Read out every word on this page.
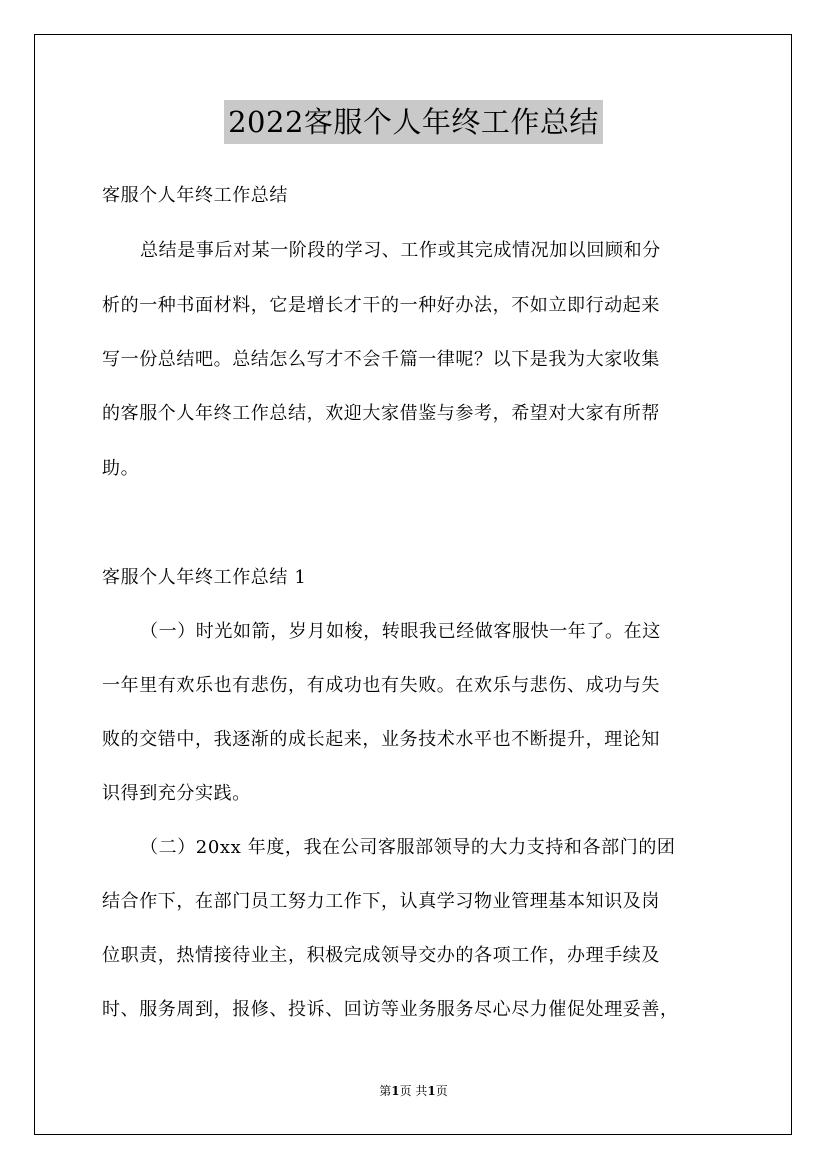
2022客服个人年终工作总结
客服个人年终工作总结
总结是事后对某一阶段的学习、工作或其完成情况加以回顾和分
析的一种书面材料，它是增长才干的一种好办法，不如立即行动起来
写一份总结吧。总结怎么写才不会千篇一律呢？以下是我为大家收集
的客服个人年终工作总结，欢迎大家借鉴与参考，希望对大家有所帮
助。
客服个人年终工作总结 1
（一）时光如箭，岁月如梭，转眼我已经做客服快一年了。在这
一年里有欢乐也有悲伤，有成功也有失败。在欢乐与悲伤、成功与失
败的交错中，我逐渐的成长起来，业务技术水平也不断提升，理论知
识得到充分实践。
（二）20xx 年度，我在公司客服部领导的大力支持和各部门的团
结合作下，在部门员工努力工作下，认真学习物业管理基本知识及岗
位职责，热情接待业主，积极完成领导交办的各项工作，办理手续及
时、服务周到，报修、投诉、回访等业务服务尽心尽力催促处理妥善，
第1页 共1页
